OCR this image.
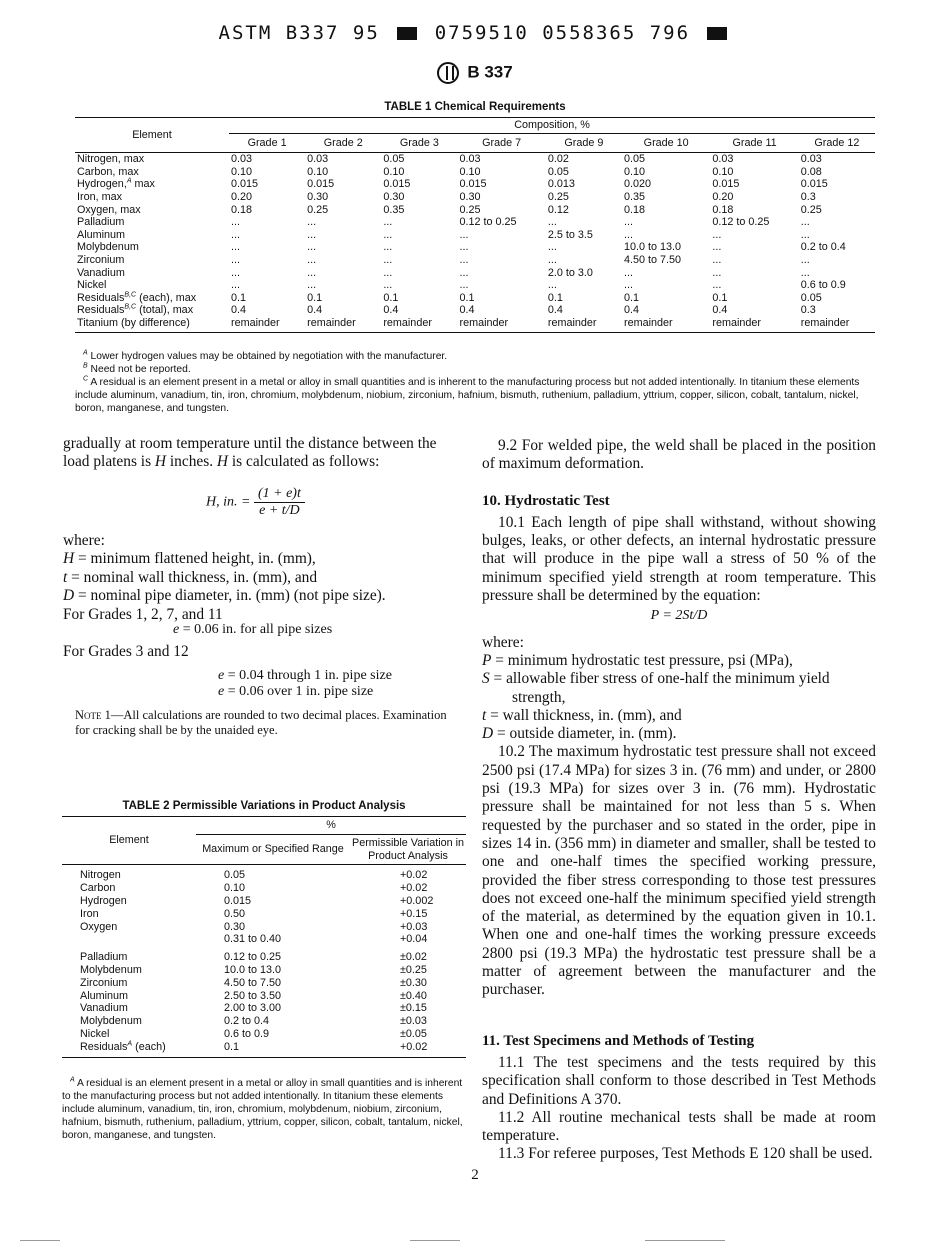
ASTM B337 95	0759510 0558365 796
B 337
TABLE 1 Chemical Requirements
Element	Composition, %							
	Grade 1	Grade 2	Grade 3	Grade 7	Grade 9	Grade 10	Grade 11	Grade 12
Nitrogen, max	0.03	0.03	0.05	0.03	0.02	0.05	0.03	0.03
Carbon, max	0.10	0.10	0.10	0.10	0.05	0.10	0.10	0.08
Hydrogen,$^A$ max	0.015	0.015	0.015	0.015	0.013	0.020	0.015	0.015
Iron, max	0.20	0.30	0.30	0.30	0.25	0.35	0.20	0.3
Oxygen, max	0.18	0.25	0.35	0.25	0.12	0.18	0.18	0.25
Palladium	...	...	...	0.12 to 0.25	...	...	0.12 to 0.25	...
Aluminum	...	...	...	...	2.5 to 3.5	...	...	...
Molybdenum	...	...	...	...	...	10.0 to 13.0	...	0.2 to 0.4
Zirconium	...	...	...	...	...	4.50 to 7.50	...	...
Vanadium	...	...	...	...	2.0 to 3.0	...	...	...
Nickel	...	...	...	...	...	...	...	0.6 to 0.9
Residuals$^{B,C}$ (each), max	0.1	0.1	0.1	0.1	0.1	0.1	0.1	0.05
Residuals$^{B,C}$ (total), max	0.4	0.4	0.4	0.4	0.4	0.4	0.4	0.3
Titanium (by difference)	remainder	remainder	remainder	remainder	remainder	remainder	remainder	remainder

$^A$ Lower hydrogen values may be obtained by negotiation with the manufacturer.

$^B$ Need not be reported.

$^C$ A residual is an element present in a metal or alloy in small quantities and is inherent to the manufacturing process but not added intentionally. In titanium these elements include aluminum, vanadium, tin, iron, chromium, molybdenum, niobium, zirconium, hafnium, bismuth, ruthenium, palladium, yttrium, copper, silicon, cobalt, tantalum, nickel, boron, manganese, and tungsten.

gradually at room temperature until the distance between the load platens is H inches. H is calculated as follows:

H, in. = $\frac{(1 + e)t}{e + t/D}$

where:

H = minimum flattened height, in. (mm),

t = nominal wall thickness, in. (mm), and

D = nominal pipe diameter, in. (mm) (not pipe size).

For Grades 1, 2, 7, and 11

e = 0.06 in. for all pipe sizes
For Grades 3 and 12
e = 0.04 through 1 in. pipe size
e = 0.06 over 1 in. pipe size
Note 1—All calculations are rounded to two decimal places. Examination for cracking shall be by the unaided eye.
TABLE 2 Permissible Variations in Product Analysis
Element	%	
	Maximum or Specified Range	Permissible Variation in Product Analysis
Nitrogen	0.05	+0.02
Carbon	0.10	+0.02
Hydrogen	0.015	+0.002
Iron	0.50	+0.15
Oxygen	0.30	+0.03
	0.31 to 0.40	+0.04
Palladium	0.12 to 0.25	±0.02
Molybdenum	10.0 to 13.0	±0.25
Zirconium	4.50 to 7.50	±0.30
Aluminum	2.50 to 3.50	±0.40
Vanadium	2.00 to 3.00	±0.15
Molybdenum	0.2 to 0.4	±0.03
Nickel	0.6 to 0.9	±0.05
Residuals$^A$ (each)	0.1	+0.02

$^A$ A residual is an element present in a metal or alloy in small quantities and is inherent to the manufacturing process but not added intentionally. In titanium these elements include aluminum, vanadium, tin, iron, chromium, molybdenum, niobium, zirconium, hafnium, bismuth, ruthenium, palladium, yttrium, copper, silicon, cobalt, tantalum, nickel, boron, manganese, and tungsten.

9.2 For welded pipe, the weld shall be placed in the position of maximum deformation.

10. Hydrostatic Test

10.1 Each length of pipe shall withstand, without showing bulges, leaks, or other defects, an internal hydrostatic pressure that will produce in the pipe wall a stress of 50 % of the minimum specified yield strength at room temperature. This pressure shall be determined by the equation:

P = 2St/D

where:

P = minimum hydrostatic test pressure, psi (MPa),

S = allowable fiber stress of one-half the minimum yield strength,

t = wall thickness, in. (mm), and

D = outside diameter, in. (mm).

10.2 The maximum hydrostatic test pressure shall not exceed 2500 psi (17.4 MPa) for sizes 3 in. (76 mm) and under, or 2800 psi (19.3 MPa) for sizes over 3 in. (76 mm). Hydrostatic pressure shall be maintained for not less than 5 s. When requested by the purchaser and so stated in the order, pipe in sizes 14 in. (356 mm) in diameter and smaller, shall be tested to one and one-half times the specified working pressure, provided the fiber stress corresponding to those test pressures does not exceed one-half the minimum specified yield strength of the material, as determined by the equation given in 10.1. When one and one-half times the working pressure exceeds 2800 psi (19.3 MPa) the hydrostatic test pressure shall be a matter of agreement between the manufacturer and the purchaser.

11. Test Specimens and Methods of Testing

11.1 The test specimens and the tests required by this specification shall conform to those described in Test Methods and Definitions A 370.

11.2 All routine mechanical tests shall be made at room temperature.

11.3 For referee purposes, Test Methods E 120 shall be used.

2
